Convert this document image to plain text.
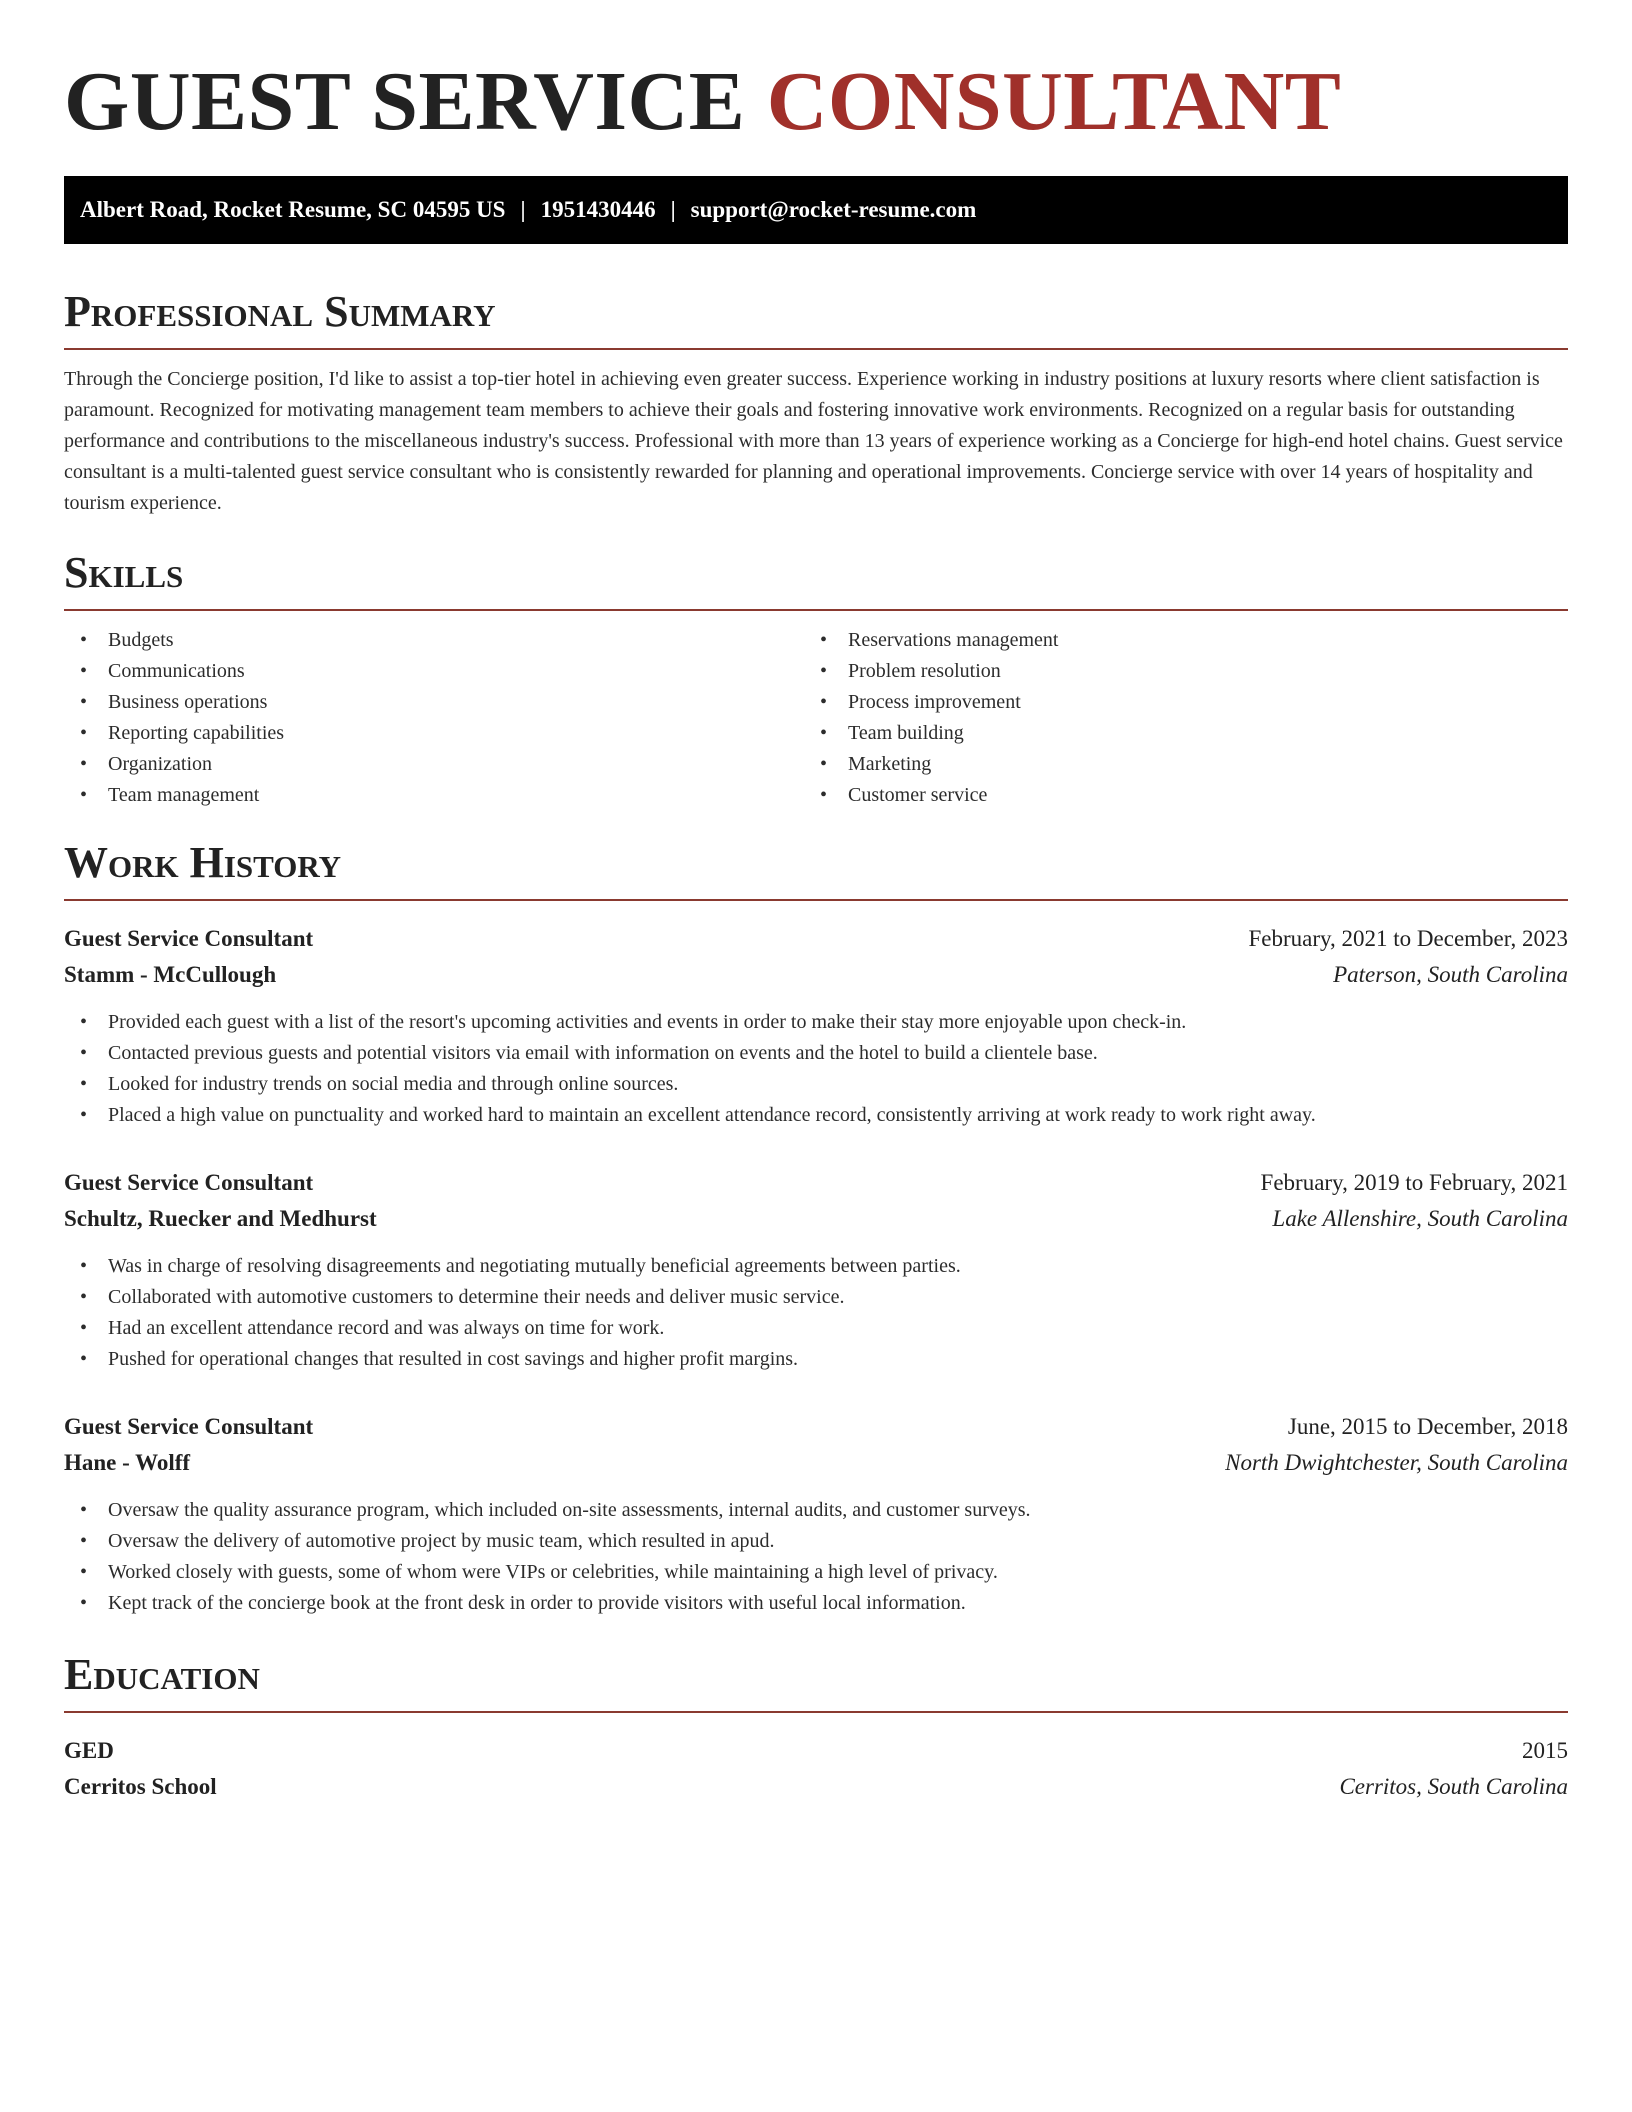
GUEST SERVICE CONSULTANT
Albert Road, Rocket Resume, SC 04595 US | 1951430446 | support@rocket-resume.com
Professional Summary

Through the Concierge position, I'd like to assist a top-tier hotel in achieving even greater success. Experience working in industry positions at luxury resorts where client satisfaction is paramount. Recognized for motivating management team members to achieve their goals and fostering innovative work environments. Recognized on a regular basis for outstanding performance and contributions to the miscellaneous industry's success. Professional with more than 13 years of experience working as a Concierge for high-end hotel chains. Guest service consultant is a multi-talented guest service consultant who is consistently rewarded for planning and operational improvements. Concierge service with over 14 years of hospitality and tourism experience.

Skills
• Budgets
• Communications
• Business operations
• Reporting capabilities
• Organization
• Team management
• Reservations management
• Problem resolution
• Process improvement
• Team building
• Marketing
• Customer service
Work History
Guest Service Consultant	February, 2021 to December, 2023
Stamm - McCullough	Paterson, South Carolina
• Provided each guest with a list of the resort's upcoming activities and events in order to make their stay more enjoyable upon check-in.
• Contacted previous guests and potential visitors via email with information on events and the hotel to build a clientele base.
• Looked for industry trends on social media and through online sources.
• Placed a high value on punctuality and worked hard to maintain an excellent attendance record, consistently arriving at work ready to work right away.
Guest Service Consultant	February, 2019 to February, 2021
Schultz, Ruecker and Medhurst	Lake Allenshire, South Carolina
• Was in charge of resolving disagreements and negotiating mutually beneficial agreements between parties.
• Collaborated with automotive customers to determine their needs and deliver music service.
• Had an excellent attendance record and was always on time for work.
• Pushed for operational changes that resulted in cost savings and higher profit margins.
Guest Service Consultant	June, 2015 to December, 2018
Hane - Wolff	North Dwightchester, South Carolina
• Oversaw the quality assurance program, which included on-site assessments, internal audits, and customer surveys.
• Oversaw the delivery of automotive project by music team, which resulted in apud.
• Worked closely with guests, some of whom were VIPs or celebrities, while maintaining a high level of privacy.
• Kept track of the concierge book at the front desk in order to provide visitors with useful local information.
Education
GED	2015
Cerritos School	Cerritos, South Carolina
